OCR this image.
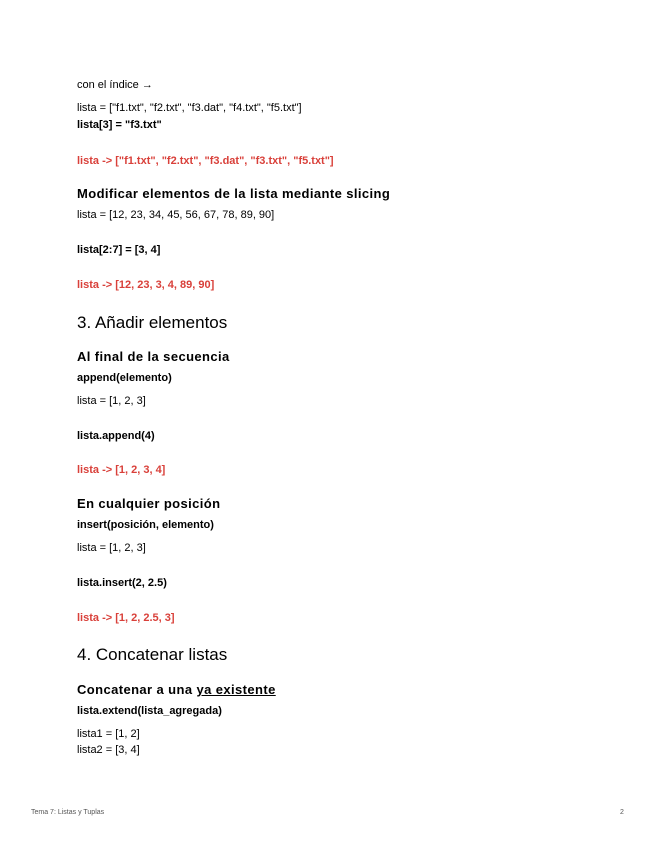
con el índice →
lista = ["f1.txt", "f2.txt", "f3.dat", "f4.txt", "f5.txt"]
lista[3] = "f3.txt"
lista -> ["f1.txt", "f2.txt", "f3.dat", "f3.txt", "f5.txt"]
Modificar elementos de la lista mediante slicing
lista = [12, 23, 34, 45, 56, 67, 78, 89, 90]
lista[2:7] = [3, 4]
lista -> [12, 23, 3, 4, 89, 90]
3. Añadir elementos
Al final de la secuencia
append(elemento)
lista = [1, 2, 3]
lista.append(4)
lista -> [1, 2, 3, 4]
En cualquier posición
insert(posición, elemento)
lista = [1, 2, 3]
lista.insert(2, 2.5)
lista -> [1, 2, 2.5, 3]
4. Concatenar listas
Concatenar a una ya existente
lista.extend(lista_agregada)
lista1 = [1, 2]
lista2 = [3, 4]
Tema 7: Listas y Tuplas	2
